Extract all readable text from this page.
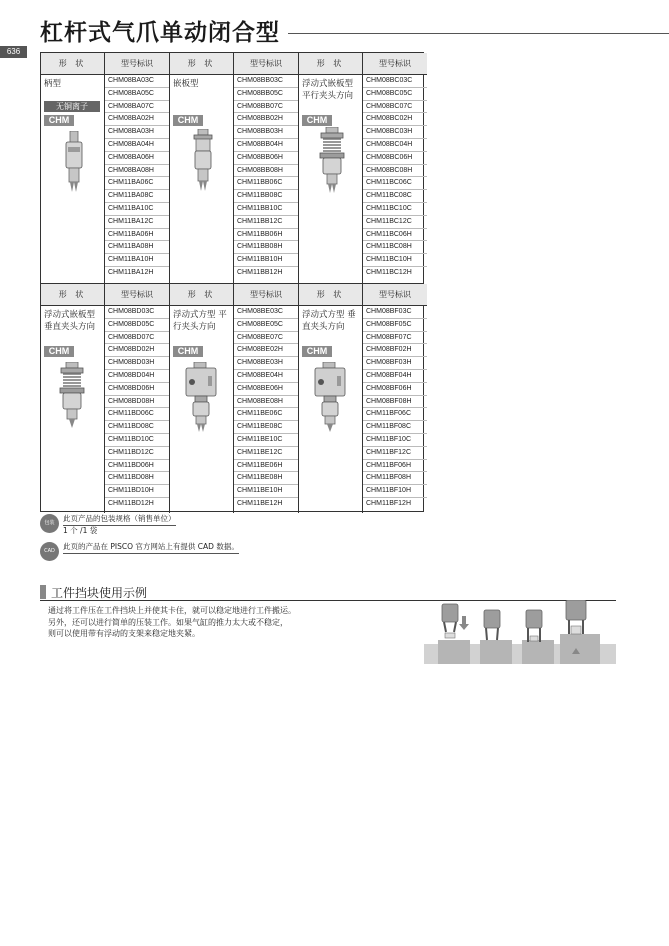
杠杆式气爪单动闭合型
636
形 状

柄型

无铜离子
CHM
型号标识
CHM08BA03C
CHM08BA05C
CHM08BA07C
CHM08BA02H
CHM08BA03H
CHM08BA04H
CHM08BA06H
CHM08BA08H
CHM11BA06C
CHM11BA08C
CHM11BA10C
CHM11BA12C
CHM11BA06H
CHM11BA08H
CHM11BA10H
CHM11BA12H
形 状

嵌板型

CHM
型号标识
CHM08BB03C
CHM08BB05C
CHM08BB07C
CHM08BB02H
CHM08BB03H
CHM08BB04H
CHM08BB06H
CHM08BB08H
CHM11BB06C
CHM11BB08C
CHM11BB10C
CHM11BB12C
CHM11BB06H
CHM11BB08H
CHM11BB10H
CHM11BB12H
形 状

浮动式嵌板型 平行夹头方向

CHM
型号标识
CHM08BC03C
CHM08BC05C
CHM08BC07C
CHM08BC02H
CHM08BC03H
CHM08BC04H
CHM08BC06H
CHM08BC08H
CHM11BC06C
CHM11BC08C
CHM11BC10C
CHM11BC12C
CHM11BC06H
CHM11BC08H
CHM11BC10H
CHM11BC12H
形 状

浮动式嵌板型 垂直夹头方向

CHM
型号标识
CHM08BD03C
CHM08BD05C
CHM08BD07C
CHM08BD02H
CHM08BD03H
CHM08BD04H
CHM08BD06H
CHM08BD08H
CHM11BD06C
CHM11BD08C
CHM11BD10C
CHM11BD12C
CHM11BD06H
CHM11BD08H
CHM11BD10H
CHM11BD12H
形 状

浮动式方型 平行夹头方向

CHM
型号标识
CHM08BE03C
CHM08BE05C
CHM08BE07C
CHM08BE02H
CHM08BE03H
CHM08BE04H
CHM08BE06H
CHM08BE08H
CHM11BE06C
CHM11BE08C
CHM11BE10C
CHM11BE12C
CHM11BE06H
CHM11BE08H
CHM11BE10H
CHM11BE12H
形 状

浮动式方型 垂直夹头方向

CHM
型号标识
CHM08BF03C
CHM08BF05C
CHM08BF07C
CHM08BF02H
CHM08BF03H
CHM08BF04H
CHM08BF06H
CHM08BF08H
CHM11BF06C
CHM11BF08C
CHM11BF10C
CHM11BF12C
CHM11BF06H
CHM11BF08H
CHM11BF10H
CHM11BF12H
包装	此页产品的包装规格（销售单位）
1 个 /1 袋
CAD	此页的产品在 PISCO 官方网站上有提供 CAD 数据。
工件挡块使用示例

通过将工件压在工件挡块上并使其卡住，就可以稳定地进行工件搬运。

另外，还可以进行简单的压装工作。如果气缸的推力太大或不稳定，

则可以使用带有浮动的支架来稳定地夹紧。
